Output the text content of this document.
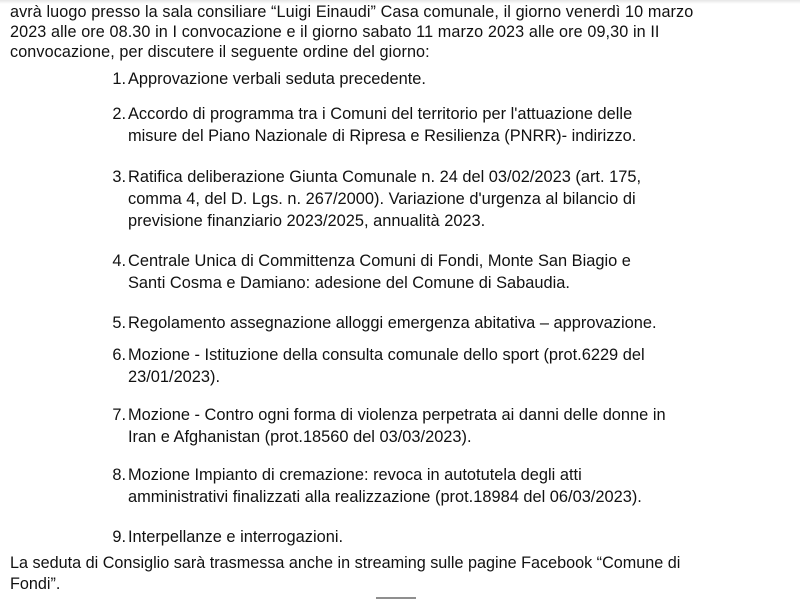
avrà luogo presso la sala consiliare “Luigi Einaudi” Casa comunale, il giorno venerdì 10 marzo
2023 alle ore 08.30 in I convocazione e il giorno sabato 11 marzo 2023 alle ore 09,30 in II
convocazione, per discutere il seguente ordine del giorno:
1. Approvazione verbali seduta precedente.
2. Accordo di programma tra i Comuni del territorio per l'attuazione delle
misure del Piano Nazionale di Ripresa e Resilienza (PNRR)- indirizzo.
3. Ratifica deliberazione Giunta Comunale n. 24 del 03/02/2023 (art. 175,
comma 4, del D. Lgs. n. 267/2000). Variazione d'urgenza al bilancio di
previsione finanziario 2023/2025, annualità 2023.
4. Centrale Unica di Committenza Comuni di Fondi, Monte San Biagio e
Santi Cosma e Damiano: adesione del Comune di Sabaudia.
5. Regolamento assegnazione alloggi emergenza abitativa – approvazione.
6. Mozione - Istituzione della consulta comunale dello sport (prot.6229 del
23/01/2023).
7. Mozione - Contro ogni forma di violenza perpetrata ai danni delle donne in
Iran e Afghanistan (prot.18560 del 03/03/2023).
8. Mozione Impianto di cremazione: revoca in autotutela degli atti
amministrativi finalizzati alla realizzazione (prot.18984 del 06/03/2023).
9. Interpellanze e interrogazioni.
La seduta di Consiglio sarà trasmessa anche in streaming sulle pagine Facebook “Comune di
Fondi”.
